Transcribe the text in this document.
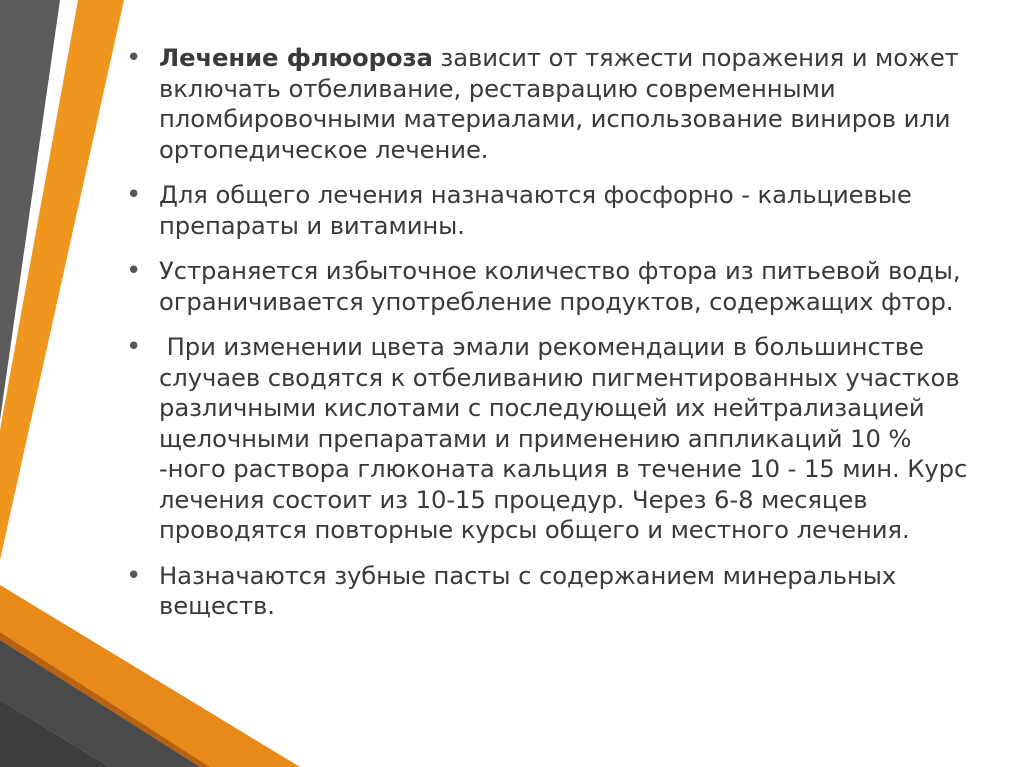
• Лечение флюороза зависит от тяжести поражения и может включать отбеливание, реставрацию современными пломбировочными материалами, использование виниров или ортопедическое лечение.
• Для общего лечения назначаются фосфорно - кальциевые препараты и витамины.
• Устраняется избыточное количество фтора из питьевой воды, ограничивается употребление продуктов, содержащих фтор.
• При изменении цвета эмали рекомендации в большинстве случаев сводятся к отбеливанию пигментированных участков различными кислотами с последующей их нейтрализацией щелочными препаратами и применению аппликаций 10 % -ного раствора глюконата кальция в течение 10 - 15 мин. Курс лечения состоит из 10-15 процедур. Через 6-8 месяцев проводятся повторные курсы общего и местного лечения.
• Назначаются зубные пасты с содержанием минеральных веществ.
